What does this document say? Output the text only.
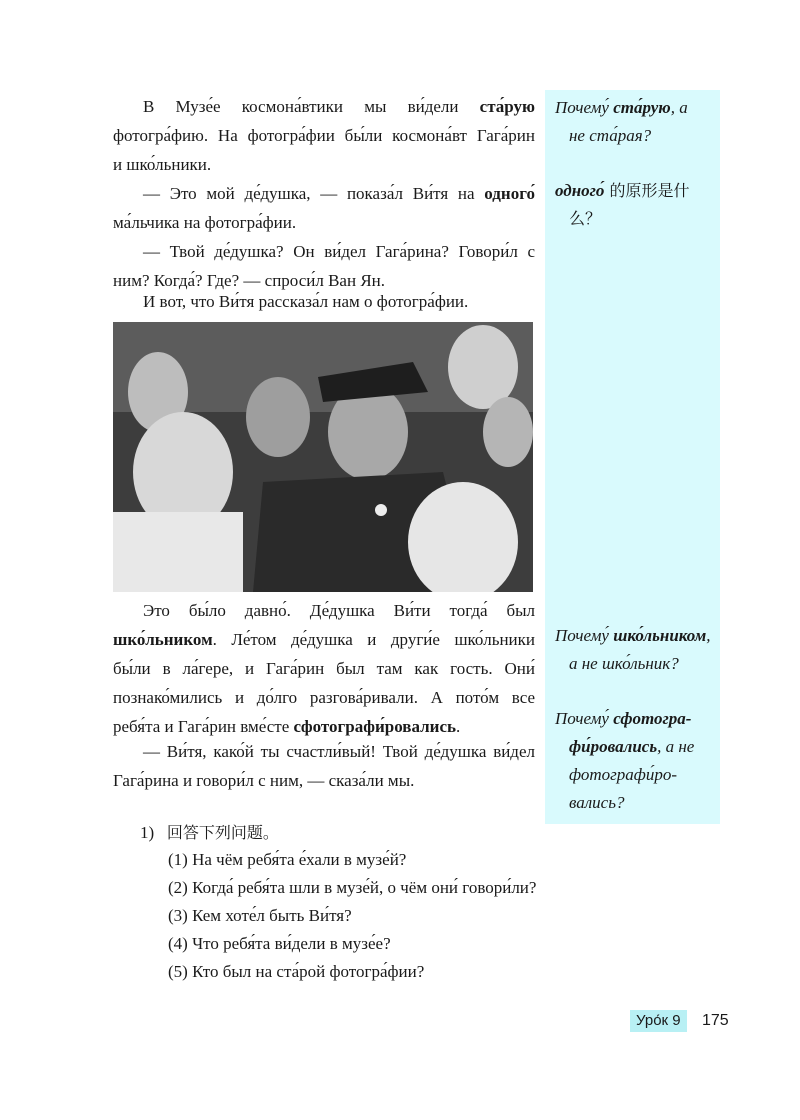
Почему́ ста́рую, а
не ста́рая?
одного́ 的原形是什
么？
Почему́ шко́льником,
а не шко́льник?
Почему́ сфотогра-
фи́ровались, а не
фотографи́ро-
вались?
В Музе́е космона́втики мы ви́дели ста́рую
фотогра́фию. На фотогра́фии бы́ли космона́вт Гага́рин
и шко́льники.
— Это мой де́душка, — показа́л Ви́тя на одного́
ма́льчика на фотогра́фии.
— Твой де́душка? Он ви́дел Гага́рина? Говори́л с
ним? Когда́? Где? — спроси́л Ван Ян.
И вот, что Ви́тя рассказа́л нам о фотогра́фии.
Это бы́ло давно́. Де́душка Ви́ти тогда́ был
шко́льником. Ле́том де́душка и други́е шко́льники
бы́ли в ла́гере, и Гага́рин был там как гость. Они́
познако́мились и до́лго разгова́ривали. А пото́м все
ребя́та и Гага́рин вме́сте сфотографи́ровались.
— Ви́тя, како́й ты счастли́вый! Твой де́душка ви́дел
Гага́рина и говори́л с ним, — сказа́ли мы.
1) 回答下列问题。
(1) На чём ребя́та е́хали в музе́й?
(2) Когда́ ребя́та шли в музе́й, о чём они́ говори́ли?
(3) Кем хоте́л быть Ви́тя?
(4) Что ребя́та ви́дели в музе́е?
(5) Кто был на ста́рой фотогра́фии?
Уро́к 9	175
